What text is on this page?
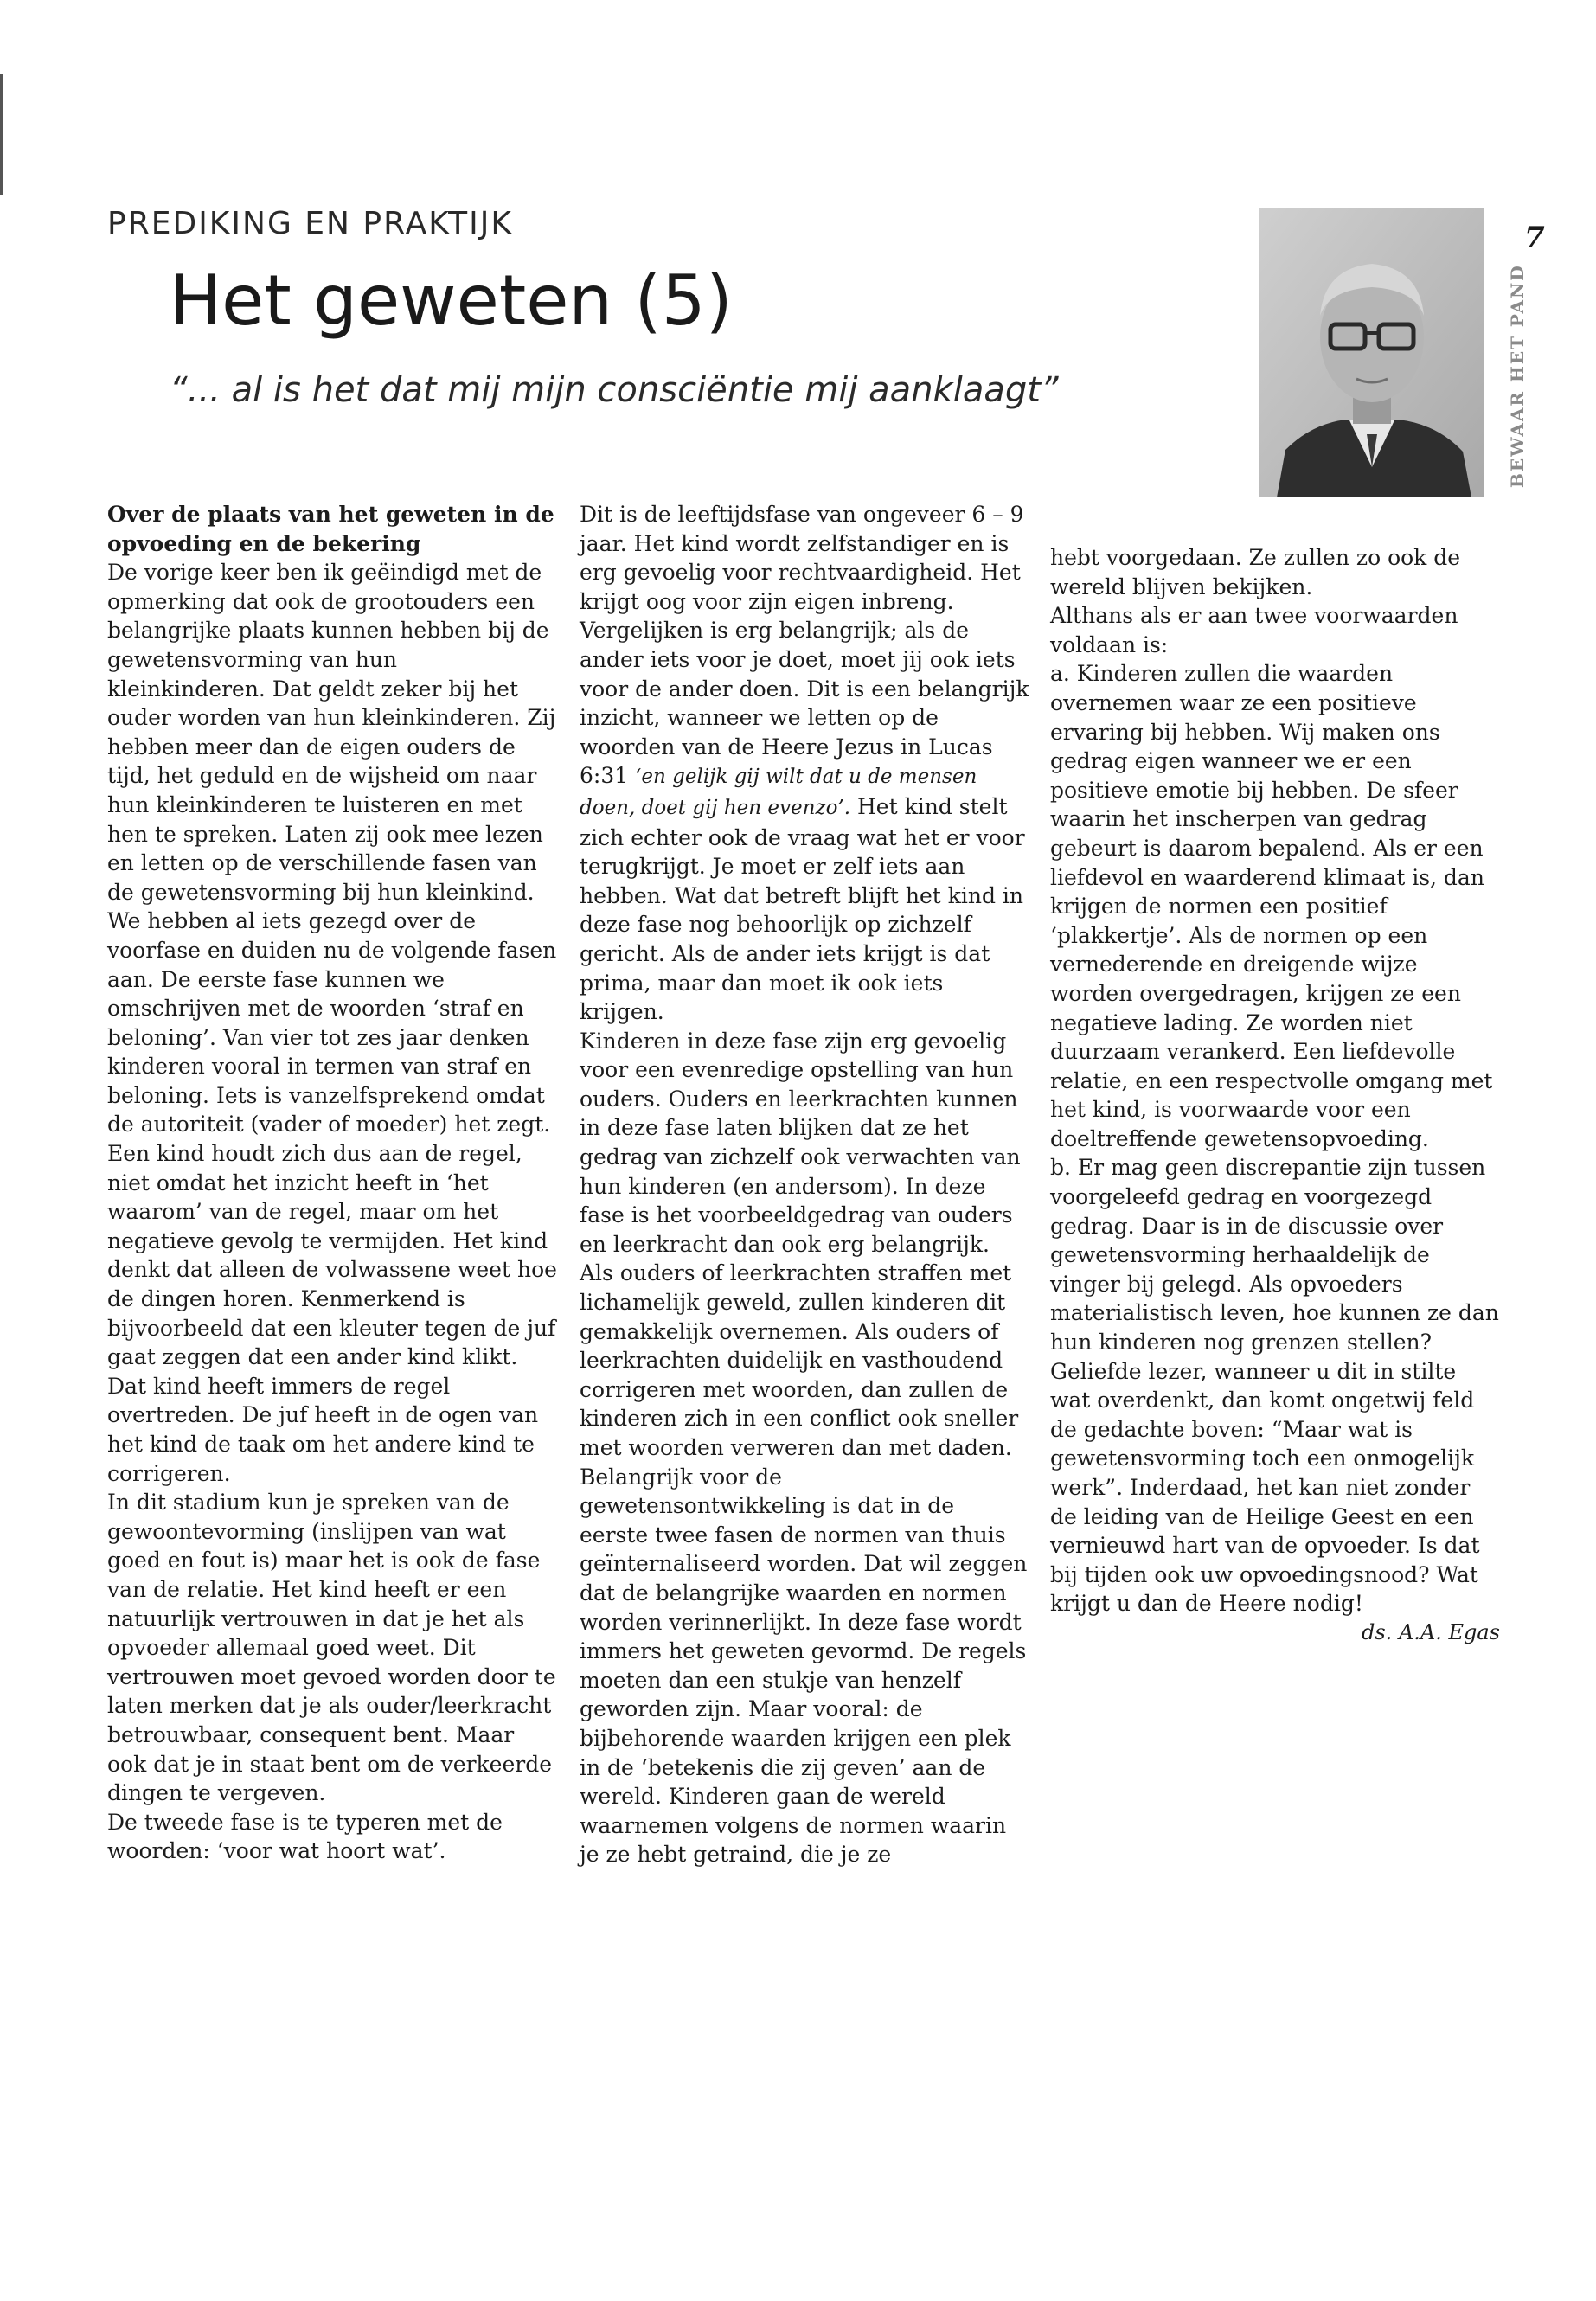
PREDIKING EN PRAKTIJK
Het geweten (5)
“... al is het dat mij mijn consciëntie mij aanklaagt”
7
BEWAAR HET PAND

Over de plaats van het geweten in de opvoeding en de bekering

De vorige keer ben ik geëindigd met de opmerking dat ook de grootouders een belangrijke plaats kunnen hebben bij de gewetensvorming van hun kleinkinderen. Dat geldt zeker bij het ouder worden van hun kleinkinderen. Zij hebben meer dan de eigen ouders de tijd, het geduld en de wijsheid om naar hun kleinkinderen te luisteren en met hen te spreken. Laten zij ook mee lezen en letten op de verschillende fasen van de gewetensvorming bij hun kleinkind. We hebben al iets gezegd over de voorfase en duiden nu de volgende fasen aan. De eerste fase kunnen we omschrijven met de woorden ‘straf en beloning’. Van vier tot zes jaar denken kinderen vooral in termen van straf en beloning. Iets is vanzelfsprekend omdat de autoriteit (vader of moeder) het zegt. Een kind houdt zich dus aan de regel, niet omdat het inzicht heeft in ‘het waarom’ van de regel, maar om het negatieve gevolg te vermijden. Het kind denkt dat alleen de volwassene weet hoe de dingen horen. Kenmerkend is bijvoorbeeld dat een kleuter tegen de juf gaat zeggen dat een ander kind klikt. Dat kind heeft immers de regel overtreden. De juf heeft in de ogen van het kind de taak om het andere kind te corrigeren.

In dit stadium kun je spreken van de gewoontevorming (inslijpen van wat goed en fout is) maar het is ook de fase van de relatie. Het kind heeft er een natuurlijk vertrouwen in dat je het als opvoeder allemaal goed weet. Dit vertrouwen moet gevoed worden door te laten merken dat je als ouder/leerkracht betrouwbaar, consequent bent. Maar ook dat je in staat bent om de verkeerde dingen te vergeven.

De tweede fase is te typeren met de woorden: ‘voor wat hoort wat’.

Dit is de leeftijdsfase van ongeveer 6 – 9 jaar. Het kind wordt zelfstandiger en is erg gevoelig voor rechtvaardigheid. Het krijgt oog voor zijn eigen inbreng. Vergelijken is erg belangrijk; als de ander iets voor je doet, moet jij ook iets voor de ander doen. Dit is een belangrijk inzicht, wanneer we letten op de woorden van de Heere Jezus in Lucas 6:31 ‘en gelijk gij wilt dat u de mensen doen, doet gij hen evenzo’. Het kind stelt zich echter ook de vraag wat het er voor terugkrijgt. Je moet er zelf iets aan hebben. Wat dat betreft blijft het kind in deze fase nog behoorlijk op zichzelf gericht. Als de ander iets krijgt is dat prima, maar dan moet ik ook iets krijgen.

Kinderen in deze fase zijn erg gevoelig voor een evenredige opstelling van hun ouders. Ouders en leerkrachten kunnen in deze fase laten blijken dat ze het gedrag van zichzelf ook verwachten van hun kinderen (en andersom). In deze fase is het voorbeeldgedrag van ouders en leerkracht dan ook erg belangrijk. Als ouders of leerkrachten straffen met lichamelijk geweld, zullen kinderen dit gemakkelijk overnemen. Als ouders of leerkrachten duidelijk en vasthoudend corrigeren met woorden, dan zullen de kinderen zich in een conflict ook sneller met woorden verweren dan met daden.

Belangrijk voor de gewetensontwikkeling is dat in de eerste twee fasen de normen van thuis geïnternaliseerd worden. Dat wil zeggen dat de belangrijke waarden en normen worden verinnerlijkt. In deze fase wordt immers het geweten gevormd. De regels moeten dan een stukje van henzelf geworden zijn. Maar vooral: de bijbehorende waarden krijgen een plek in de ‘betekenis die zij geven’ aan de wereld. Kinderen gaan de wereld waarnemen volgens de normen waarin je ze hebt getraind, die je ze

hebt voorgedaan. Ze zullen zo ook de wereld blijven bekijken.

Althans als er aan twee voorwaarden voldaan is:

a. Kinderen zullen die waarden overnemen waar ze een positieve ervaring bij hebben. Wij maken ons gedrag eigen wanneer we er een positieve emotie bij hebben. De sfeer waarin het inscherpen van gedrag gebeurt is daarom bepalend. Als er een liefdevol en waarderend klimaat is, dan krijgen de normen een positief ‘plakkertje’. Als de normen op een vernederende en dreigende wijze worden overgedragen, krijgen ze een negatieve lading. Ze worden niet duurzaam verankerd. Een liefdevolle relatie, en een respectvolle omgang met het kind, is voorwaarde voor een doeltreffende gewetensopvoeding.

b. Er mag geen discrepantie zijn tussen voorgeleefd gedrag en voorgezegd gedrag. Daar is in de discussie over gewetensvorming herhaaldelijk de vinger bij gelegd. Als opvoeders materialistisch leven, hoe kunnen ze dan hun kinderen nog grenzen stellen? Geliefde lezer, wanneer u dit in stilte wat overdenkt, dan komt ongetwij feld de gedachte boven: “Maar wat is gewetensvorming toch een onmogelijk werk”. Inderdaad, het kan niet zonder de leiding van de Heilige Geest en een vernieuwd hart van de opvoeder. Is dat bij tijden ook uw opvoedingsnood? Wat krijgt u dan de Heere nodig!

ds. A.A. Egas
